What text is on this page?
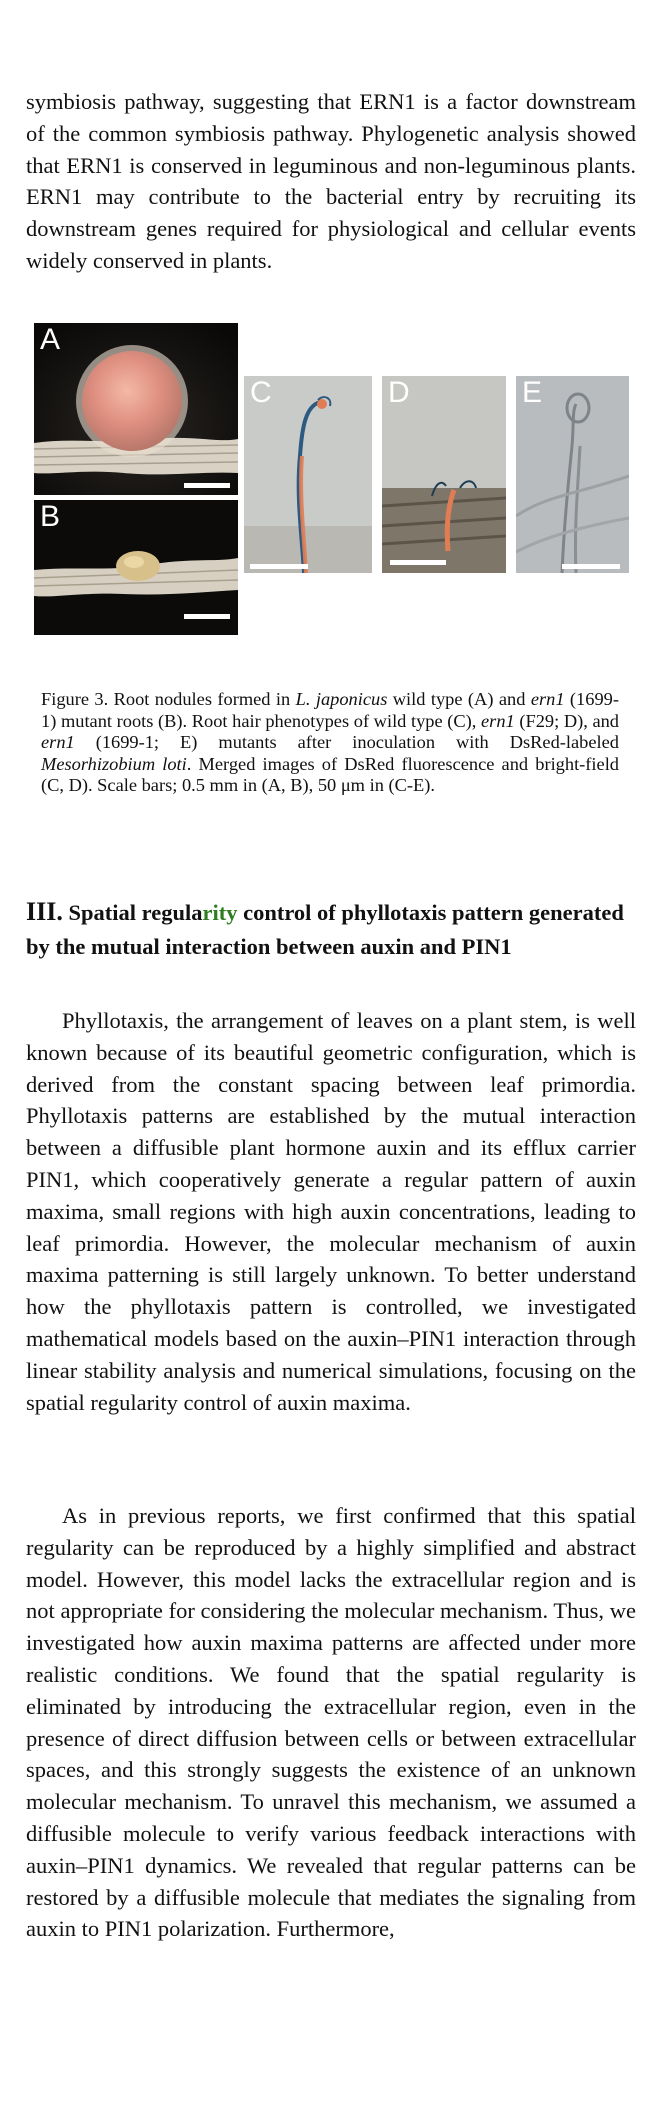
symbiosis pathway, suggesting that ERN1 is a factor downstream of the common symbiosis pathway. Phylogenetic analysis showed that ERN1 is conserved in leguminous and non-leguminous plants. ERN1 may contribute to the bacterial entry by recruiting its downstream genes required for physiological and cellular events widely conserved in plants.

A
B
C	D	E

Figure 3. Root nodules formed in L. japonicus wild type (A) and ern1 (1699-1) mutant roots (B). Root hair phenotypes of wild type (C), ern1 (F29; D), and ern1 (1699-1; E) mutants after inoculation with DsRed-labeled Mesorhizobium loti. Merged images of DsRed fluorescence and bright-field (C, D). Scale bars; 0.5 mm in (A, B), 50 μm in (C-E).

III. Spatial regularity control of phyllotaxis pattern generated by the mutual interaction between auxin and PIN1

Phyllotaxis, the arrangement of leaves on a plant stem, is well known because of its beautiful geometric configuration, which is derived from the constant spacing between leaf primordia. Phyllotaxis patterns are established by the mutual interaction between a diffusible plant hormone auxin and its efflux carrier PIN1, which cooperatively generate a regular pattern of auxin maxima, small regions with high auxin concentrations, leading to leaf primordia. However, the molecular mechanism of auxin maxima patterning is still largely unknown. To better understand how the phyllotaxis pattern is controlled, we investigated mathematical models based on the auxin–PIN1 interaction through linear stability analysis and numerical simulations, focusing on the spatial regularity control of auxin maxima.

As in previous reports, we first confirmed that this spatial regularity can be reproduced by a highly simplified and abstract model. However, this model lacks the extracellular region and is not appropriate for considering the molecular mechanism. Thus, we investigated how auxin maxima patterns are affected under more realistic conditions. We found that the spatial regularity is eliminated by introducing the extracellular region, even in the presence of direct diffusion between cells or between extracellular spaces, and this strongly suggests the existence of an unknown molecular mechanism. To unravel this mechanism, we assumed a diffusible molecule to verify various feedback interactions with auxin–PIN1 dynamics. We revealed that regular patterns can be restored by a diffusible molecule that mediates the signaling from auxin to PIN1 polarization. Furthermore,
